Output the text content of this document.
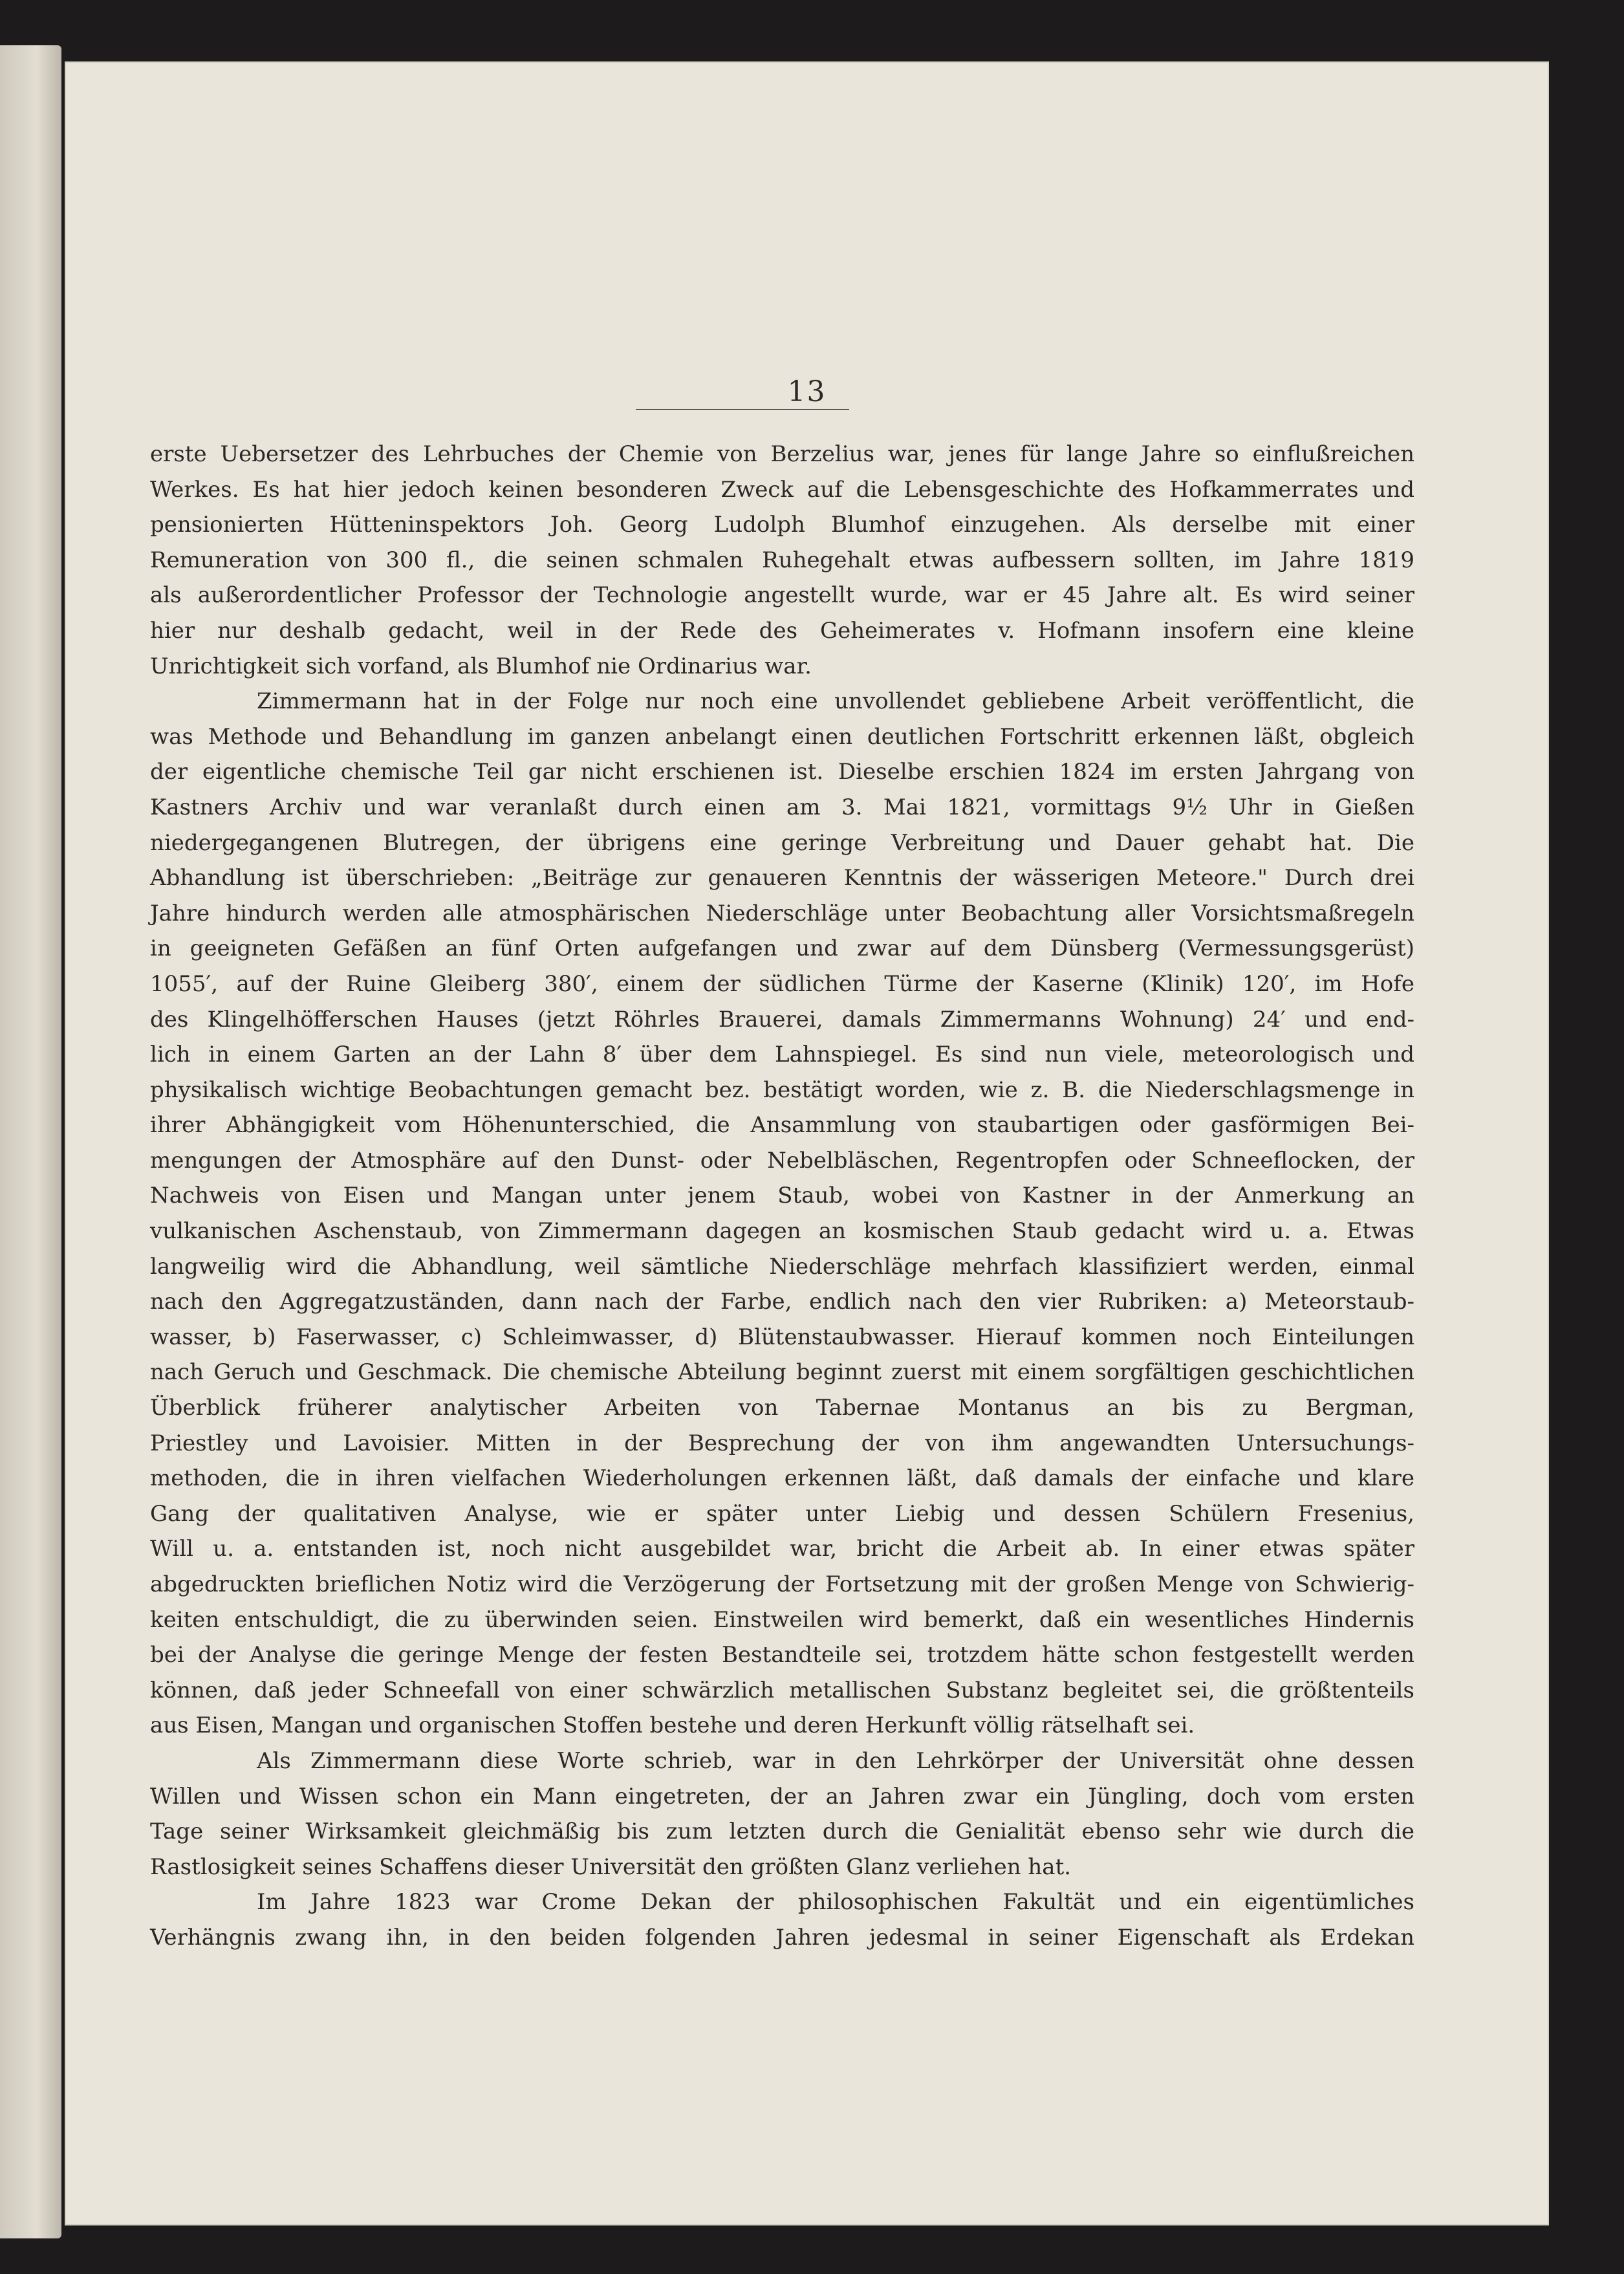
13
erste Uebersetzer des Lehrbuches der Chemie von Berzelius war, jenes für lange Jahre so einflußreichen
Werkes. Es hat hier jedoch keinen besonderen Zweck auf die Lebensgeschichte des Hofkammerrates und
pensionierten Hütteninspektors Joh. Georg Ludolph Blumhof einzugehen. Als derselbe mit einer
Remuneration von 300 fl., die seinen schmalen Ruhegehalt etwas aufbessern sollten, im Jahre 1819
als außerordentlicher Professor der Technologie angestellt wurde, war er 45 Jahre alt. Es wird seiner
hier nur deshalb gedacht, weil in der Rede des Geheimerates v. Hofmann insofern eine kleine
Unrichtigkeit sich vorfand, als Blumhof nie Ordinarius war.
Zimmermann hat in der Folge nur noch eine unvollendet gebliebene Arbeit veröffentlicht, die
was Methode und Behandlung im ganzen anbelangt einen deutlichen Fortschritt erkennen läßt, obgleich
der eigentliche chemische Teil gar nicht erschienen ist. Dieselbe erschien 1824 im ersten Jahrgang von
Kastners Archiv und war veranlaßt durch einen am 3. Mai 1821, vormittags 9½ Uhr in Gießen
niedergegangenen Blutregen, der übrigens eine geringe Verbreitung und Dauer gehabt hat. Die
Abhandlung ist überschrieben: „Beiträge zur genaueren Kenntnis der wässerigen Meteore." Durch drei
Jahre hindurch werden alle atmosphärischen Niederschläge unter Beobachtung aller Vorsichtsmaßregeln
in geeigneten Gefäßen an fünf Orten aufgefangen und zwar auf dem Dünsberg (Vermessungsgerüst)
1055′, auf der Ruine Gleiberg 380′, einem der südlichen Türme der Kaserne (Klinik) 120′, im Hofe
des Klingelhöfferschen Hauses (jetzt Röhrles Brauerei, damals Zimmermanns Wohnung) 24′ und end-
lich in einem Garten an der Lahn 8′ über dem Lahnspiegel. Es sind nun viele, meteorologisch und
physikalisch wichtige Beobachtungen gemacht bez. bestätigt worden, wie z. B. die Niederschlagsmenge in
ihrer Abhängigkeit vom Höhenunterschied, die Ansammlung von staubartigen oder gasförmigen Bei-
mengungen der Atmosphäre auf den Dunst- oder Nebelbläschen, Regentropfen oder Schneeflocken, der
Nachweis von Eisen und Mangan unter jenem Staub, wobei von Kastner in der Anmerkung an
vulkanischen Aschenstaub, von Zimmermann dagegen an kosmischen Staub gedacht wird u. a. Etwas
langweilig wird die Abhandlung, weil sämtliche Niederschläge mehrfach klassifiziert werden, einmal
nach den Aggregatzuständen, dann nach der Farbe, endlich nach den vier Rubriken: a) Meteorstaub-
wasser, b) Faserwasser, c) Schleimwasser, d) Blütenstaubwasser. Hierauf kommen noch Einteilungen
nach Geruch und Geschmack. Die chemische Abteilung beginnt zuerst mit einem sorgfältigen geschichtlichen
Überblick früherer analytischer Arbeiten von Tabernae Montanus an bis zu Bergman,
Priestley und Lavoisier. Mitten in der Besprechung der von ihm angewandten Untersuchungs-
methoden, die in ihren vielfachen Wiederholungen erkennen läßt, daß damals der einfache und klare
Gang der qualitativen Analyse, wie er später unter Liebig und dessen Schülern Fresenius,
Will u. a. entstanden ist, noch nicht ausgebildet war, bricht die Arbeit ab. In einer etwas später
abgedruckten brieflichen Notiz wird die Verzögerung der Fortsetzung mit der großen Menge von Schwierig-
keiten entschuldigt, die zu überwinden seien. Einstweilen wird bemerkt, daß ein wesentliches Hindernis
bei der Analyse die geringe Menge der festen Bestandteile sei, trotzdem hätte schon festgestellt werden
können, daß jeder Schneefall von einer schwärzlich metallischen Substanz begleitet sei, die größtenteils
aus Eisen, Mangan und organischen Stoffen bestehe und deren Herkunft völlig rätselhaft sei.
Als Zimmermann diese Worte schrieb, war in den Lehrkörper der Universität ohne dessen
Willen und Wissen schon ein Mann eingetreten, der an Jahren zwar ein Jüngling, doch vom ersten
Tage seiner Wirksamkeit gleichmäßig bis zum letzten durch die Genialität ebenso sehr wie durch die
Rastlosigkeit seines Schaffens dieser Universität den größten Glanz verliehen hat.
Im Jahre 1823 war Crome Dekan der philosophischen Fakultät und ein eigentümliches
Verhängnis zwang ihn, in den beiden folgenden Jahren jedesmal in seiner Eigenschaft als Erdekan
